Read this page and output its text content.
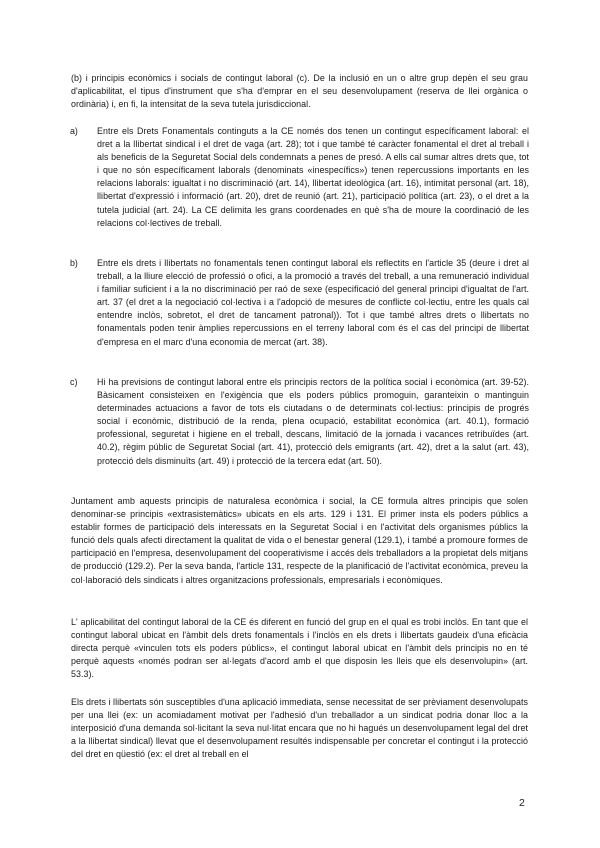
(b) i principis econòmics i socials de contingut laboral (c). De la inclusió en un o altre grup depèn el seu grau d'aplicabilitat, el tipus d'instrument que s'ha d'emprar en el seu desenvolupament (reserva de llei orgànica o ordinària) i, en fi, la intensitat de la seva tutela jurisdiccional.

a) Entre els Drets Fonamentals continguts a la CE només dos tenen un contingut específicament laboral: el dret a la llibertat sindical i el dret de vaga (art. 28); tot i que també té caràcter fonamental el dret al treball i als beneficis de la Seguretat Social dels condemnats a penes de presó. A ells cal sumar altres drets que, tot i que no són específicament laborals (denominats «inespecífics») tenen repercussions importants en les relacions laborals: igualtat i no discriminació (art. 14), llibertat ideològica (art. 16), intimitat personal (art. 18), llibertat d'expressió i informació (art. 20), dret de reunió (art. 21), participació política (art. 23), o el dret a la tutela judicial (art. 24). La CE delimita les grans coordenades en què s'ha de moure la coordinació de les relacions col·lectives de treball.

b) Entre els drets i llibertats no fonamentals tenen contingut laboral els reflectits en l'article 35 (deure i dret al treball, a la lliure elecció de professió o ofici, a la promoció a través del treball, a una remuneració individual i familiar suficient i a la no discriminació per raó de sexe (especificació del general principi d'igualtat de l'art. art. 37 (el dret a la negociació col·lectiva i a l'adopció de mesures de conflicte col·lectiu, entre les quals cal entendre inclòs, sobretot, el dret de tancament patronal)). Tot i que també altres drets o llibertats no fonamentals poden tenir àmplies repercussions en el terreny laboral com és el cas del principi de llibertat d'empresa en el marc d'una economia de mercat (art. 38).

c) Hi ha previsions de contingut laboral entre els principis rectors de la política social i econòmica (art. 39-52). Bàsicament consisteixen en l'exigència que els poders públics promoguin, garanteixin o mantinguin determinades actuacions a favor de tots els ciutadans o de determinats col·lectius: principis de progrés social i econòmic, distribució de la renda, plena ocupació, estabilitat econòmica (art. 40.1), formació professional, seguretat i higiene en el treball, descans, limitació de la jornada i vacances retribuïdes (art. 40.2), règim públic de Seguretat Social (art. 41), protecció dels emigrants (art. 42), dret a la salut (art. 43), protecció dels disminuïts (art. 49) i protecció de la tercera edat (art. 50).

Juntament amb aquests principis de naturalesa econòmica i social, la CE formula altres principis que solen denominar-se principis «extrasistemàtics» ubicats en els arts. 129 i 131. El primer insta els poders públics a establir formes de participació dels interessats en la Seguretat Social i en l'activitat dels organismes públics la funció dels quals afecti directament la qualitat de vida o el benestar general (129.1), i també a promoure formes de participació en l'empresa, desenvolupament del cooperativisme i accés dels treballadors a la propietat dels mitjans de producció (129.2). Per la seva banda, l'article 131, respecte de la planificació de l'activitat econòmica, preveu la col·laboració dels sindicats i altres organitzacions professionals, empresarials i econòmiques.

L' aplicabilitat del contingut laboral de la CE és diferent en funció del grup en el qual es trobi inclòs. En tant que el contingut laboral ubicat en l'àmbit dels drets fonamentals i l'inclòs en els drets i llibertats gaudeix d'una eficàcia directa perquè «vinculen tots els poders públics», el contingut laboral ubicat en l'àmbit dels principis no en té perquè aquests «només podran ser al·legats d'acord amb el que disposin les lleis que els desenvolupin» (art. 53.3).

Els drets i llibertats són susceptibles d'una aplicació immediata, sense necessitat de ser prèviament desenvolupats per una llei (ex: un acomiadament motivat per l'adhesió d'un treballador a un sindicat podria donar lloc a la interposició d'una demanda sol·licitant la seva nul·litat encara que no hi hagués un desenvolupament legal del dret a la llibertat sindical) llevat que el desenvolupament resultés indispensable per concretar el contingut i la protecció del dret en qüestió (ex: el dret al treball en el

2
